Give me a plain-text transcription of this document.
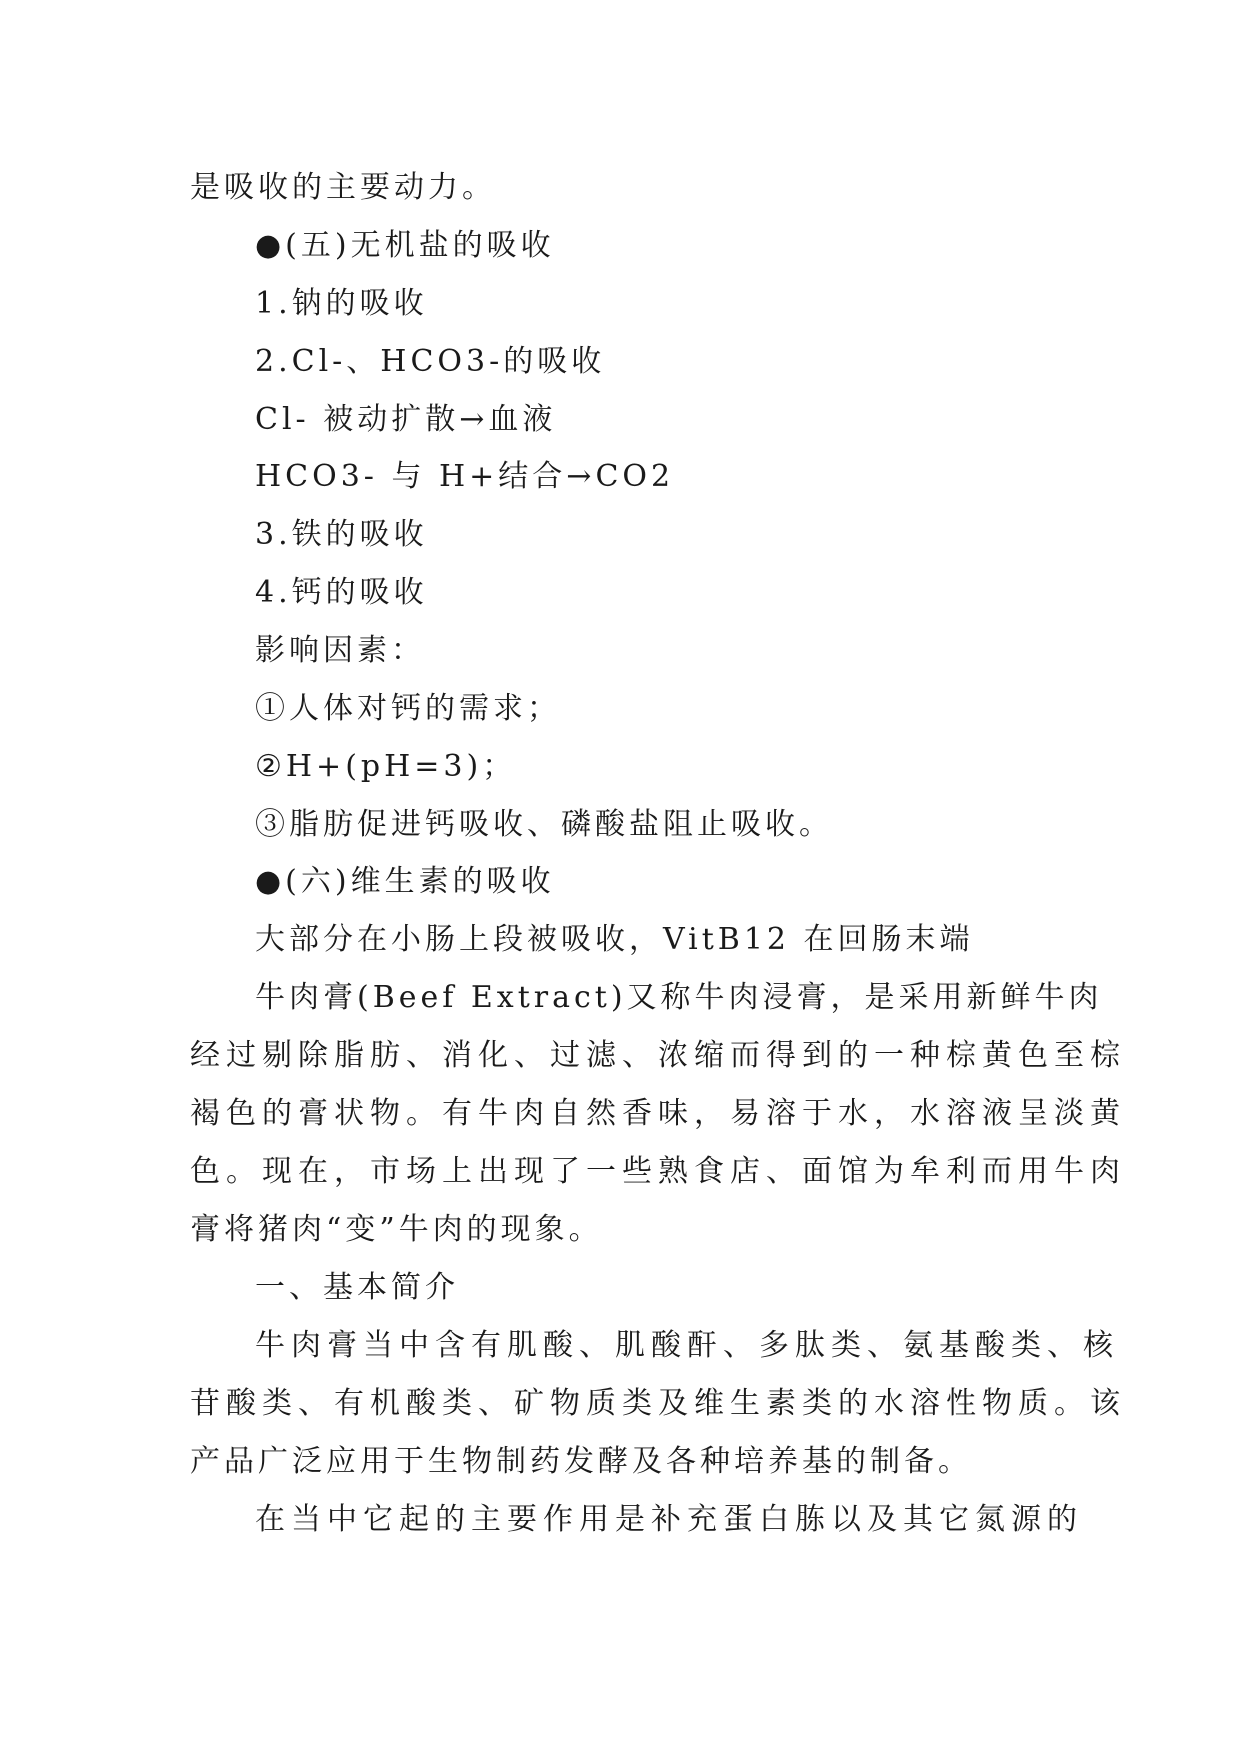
是吸收的主要动力。
●(五)无机盐的吸收
1.钠的吸收
2.Cl-、HCO3-的吸收
Cl- 被动扩散→血液
HCO3- 与 H+结合→CO2
3.铁的吸收
4.钙的吸收
影响因素：
①人体对钙的需求；
②H+(pH=3)；
③脂肪促进钙吸收、磷酸盐阻止吸收。
●(六)维生素的吸收
大部分在小肠上段被吸收，VitB12 在回肠末端
牛肉膏(Beef Extract)又称牛肉浸膏，是采用新鲜牛肉
经过剔除脂肪、消化、过滤、浓缩而得到的一种棕黄色至棕
褐色的膏状物。有牛肉自然香味，易溶于水，水溶液呈淡黄
色。现在，市场上出现了一些熟食店、面馆为牟利而用牛肉
膏将猪肉“变”牛肉的现象。
一、基本简介
牛肉膏当中含有肌酸、肌酸酐、多肽类、氨基酸类、核
苷酸类、有机酸类、矿物质类及维生素类的水溶性物质。该
产品广泛应用于生物制药发酵及各种培养基的制备。
在当中它起的主要作用是补充蛋白胨以及其它氮源的
